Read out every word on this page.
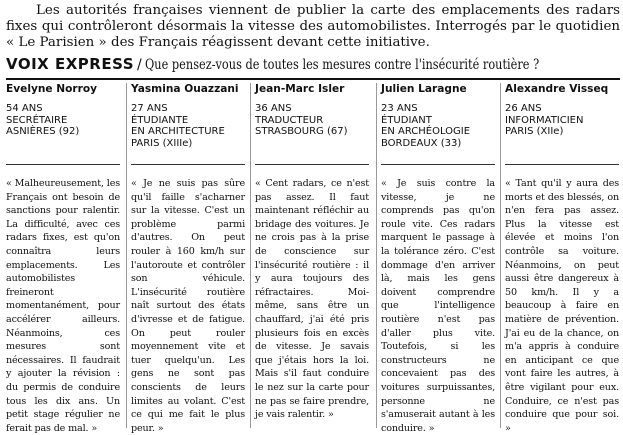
Les autorités françaises viennent de publier la carte des emplacements des radars fixes qui contrôleront désormais la vitesse des automobilistes. Interrogés par le quotidien « Le Parisien » des Français réagissent devant cette initiative.

VOIX EXPRESS / Que pensez-vous de toutes les mesures contre l'insécurité routière ?
Evelyne Norroy
54 ANS
SECRÉTAIRE
ASNIÈRES (92)

« Malheureusement, les Français ont besoin de sanctions pour ralentir. La difficulté, avec ces radars fixes, est qu'on connaîtra leurs emplacements. Les automobilistes freineront momentanément, pour accélérer ailleurs. Néanmoins, ces mesures sont nécessaires. Il faudrait y ajouter la révision : du permis de conduire tous les dix ans. Un petit stage régulier ne ferait pas de mal. »

Yasmina Ouazzani
27 ANS
ÉTUDIANTE
EN ARCHITECTURE
PARIS (XIIIe)

« Je ne suis pas sûre qu'il faille s'acharner sur la vitesse. C'est un problème parmi d'autres. On peut rouler à 160 km/h sur l'autoroute et contrôler son véhicule. L'insécurité routière naît surtout des états d'ivresse et de fatigue. On peut rouler moyennement vite et tuer quelqu'un. Les gens ne sont pas conscients de leurs limites au volant. C'est ce qui me fait le plus peur. »

Jean-Marc Isler
36 ANS
TRADUCTEUR
STRASBOURG (67)

« Cent radars, ce n'est pas assez. Il faut maintenant réfléchir au bridage des voitures. Je ne crois pas à la prise de conscience sur l'insécurité routière : il y aura toujours des réfractaires. Moi-même, sans être un chauffard, j'ai été pris plusieurs fois en excès de vitesse. Je savais que j'étais hors la loi. Mais s'il faut conduire le nez sur la carte pour ne pas se faire prendre, je vais ralentir. »

Julien Laragne
23 ANS
ÉTUDIANT
EN ARCHÉOLOGIE
BORDEAUX (33)

« Je suis contre la vitesse, je ne comprends pas qu'on roule vite. Ces radars marquent le passage à la tolérance zéro. C'est dommage d'en arriver là, mais les gens doivent comprendre que l'intelligence routière n'est pas d'aller plus vite. Toutefois, si les constructeurs ne concevaient pas des voitures surpuissantes, personne ne s'amuserait autant à les conduire. »

Alexandre Visseq
26 ANS
INFORMATICIEN
PARIS (XIIe)

« Tant qu'il y aura des morts et des blessés, on n'en fera pas assez. Plus la vitesse est élevée et moins l'on contrôle sa voiture. Néanmoins, on peut aussi être dangereux à 50 km/h. Il y a beaucoup à faire en matière de prévention. J'ai eu de la chance, on m'a appris à conduire en anticipant ce que vont faire les autres, à être vigilant pour eux. Conduire, ce n'est pas conduire que pour soi. »
